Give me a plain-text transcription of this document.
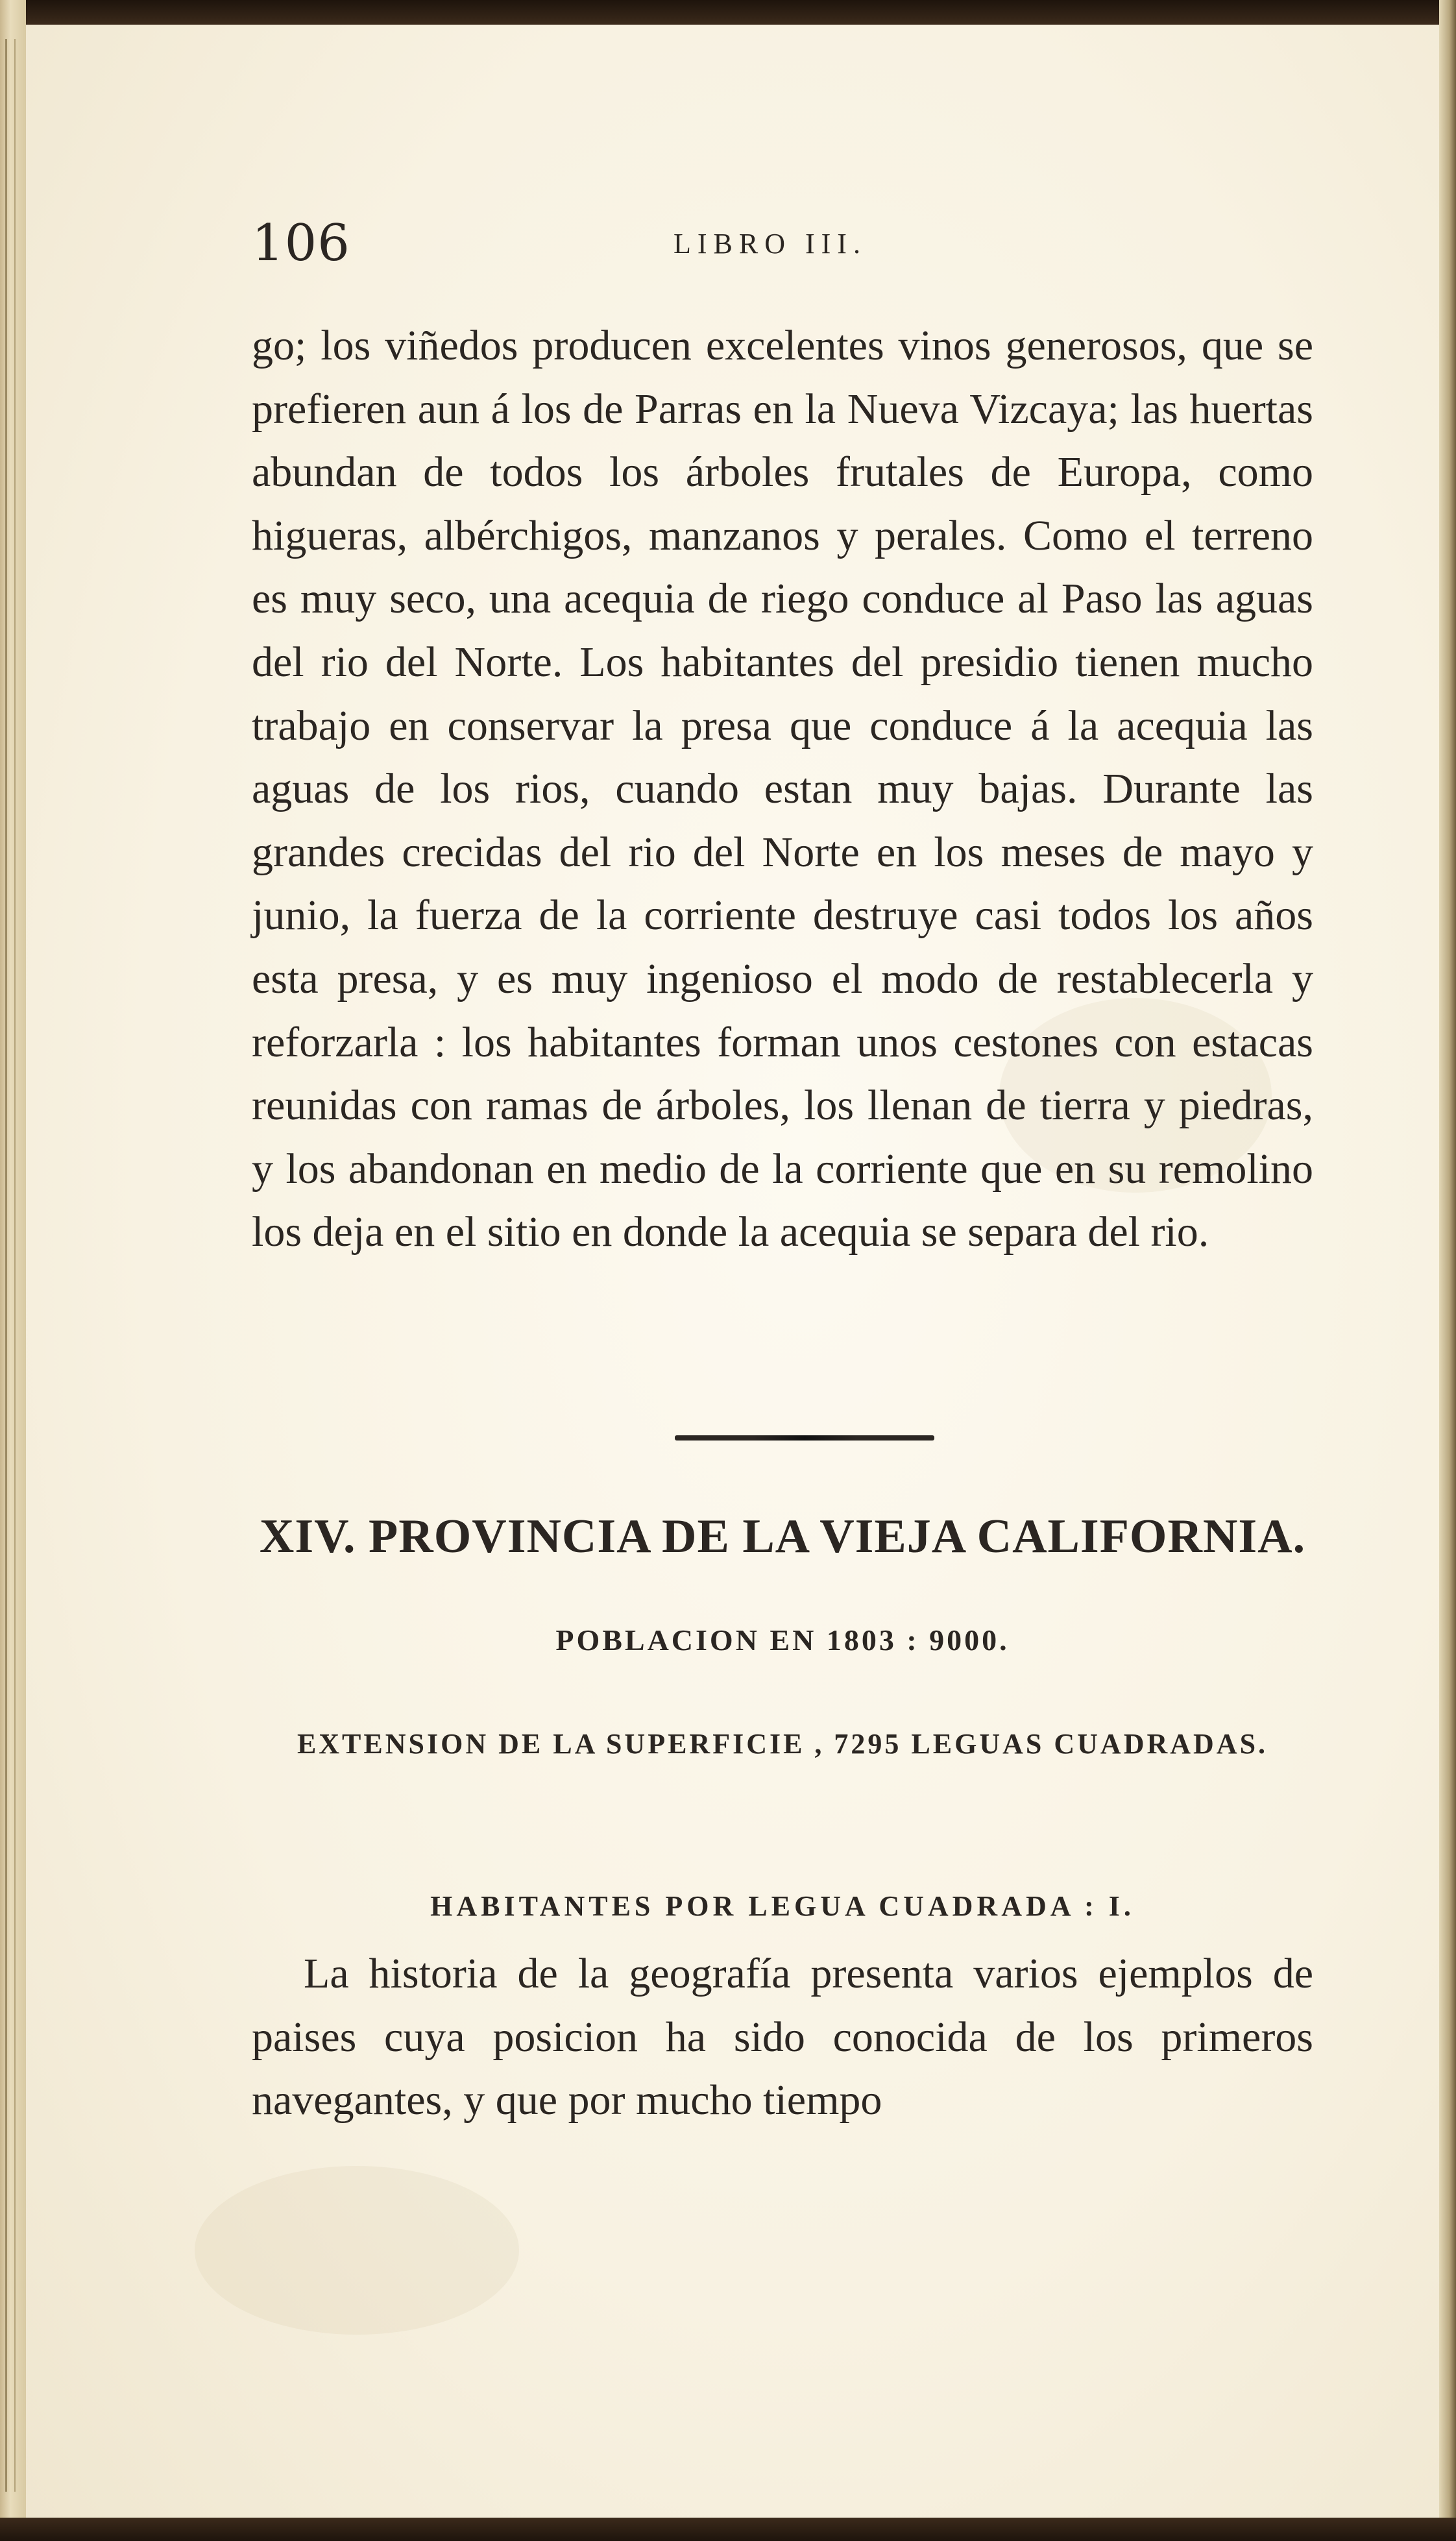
106	LIBRO III.

go; los viñedos producen excelentes vinos generosos, que se prefieren aun á los de Parras en la Nueva Vizcaya; las huertas abundan de todos los árboles frutales de Europa, como higueras, albérchigos, manzanos y perales. Como el terreno es muy seco, una acequia de riego conduce al Paso las aguas del rio del Norte. Los habitantes del presidio tienen mucho trabajo en conservar la presa que conduce á la acequia las aguas de los rios, cuando estan muy bajas. Durante las grandes crecidas del rio del Norte en los meses de mayo y junio, la fuerza de la corriente destruye casi todos los años esta presa, y es muy ingenioso el modo de restablecerla y reforzarla : los habitantes forman unos cestones con estacas reunidas con ramas de árboles, los llenan de tierra y piedras, y los abandonan en medio de la corriente que en su remolino los deja en el sitio en donde la acequia se separa del rio.

XIV. PROVINCIA DE LA VIEJA CALIFORNIA.

POBLACION EN 1803 : 9000.

EXTENSION DE LA SUPERFICIE , 7295 LEGUAS CUADRADAS.

HABITANTES POR LEGUA CUADRADA : I.

La historia de la geografía presenta varios ejemplos de paises cuya posicion ha sido conocida de los primeros navegantes, y que por mucho tiempo
